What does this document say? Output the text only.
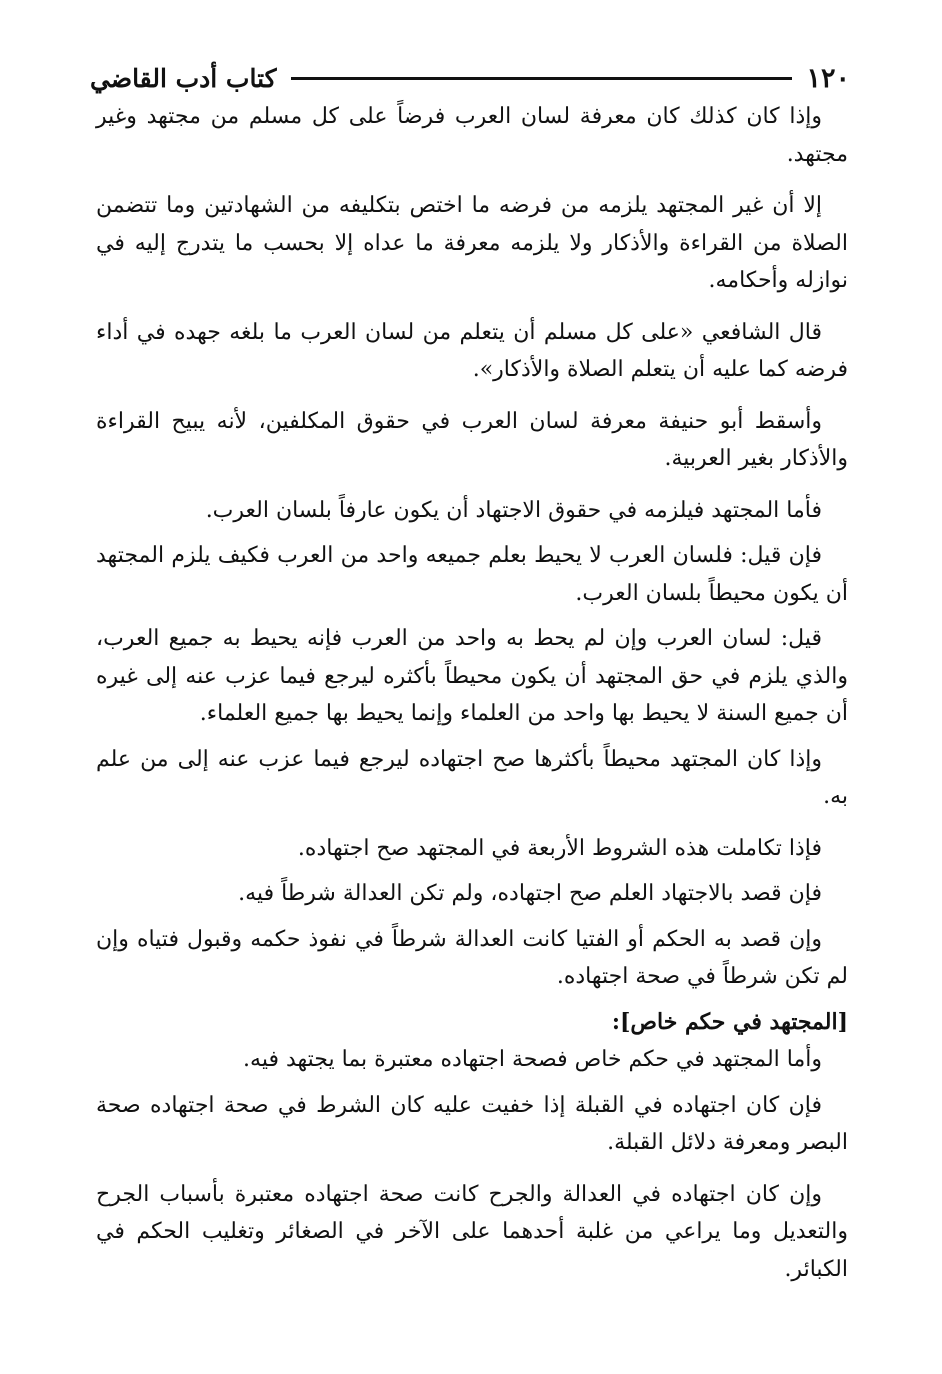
١٢٠
كتاب أدب القاضي

وإذا كان كذلك كان معرفة لسان العرب فرضاً على كل مسلم من مجتهد وغير مجتهد.

إلا أن غير المجتهد يلزمه من فرضه ما اختص بتكليفه من الشهادتين وما تتضمن الصلاة من القراءة والأذكار ولا يلزمه معرفة ما عداه إلا بحسب ما يتدرج إليه في نوازله وأحكامه.

قال الشافعي «على كل مسلم أن يتعلم من لسان العرب ما بلغه جهده في أداء فرضه كما عليه أن يتعلم الصلاة والأذكار».

وأسقط أبو حنيفة معرفة لسان العرب في حقوق المكلفين، لأنه يبيح القراءة والأذكار بغير العربية.

فأما المجتهد فيلزمه في حقوق الاجتهاد أن يكون عارفاً بلسان العرب.

فإن قيل: فلسان العرب لا يحيط بعلم جميعه واحد من العرب فكيف يلزم المجتهد أن يكون محيطاً بلسان العرب.

قيل: لسان العرب وإن لم يحط به واحد من العرب فإنه يحيط به جميع العرب، والذي يلزم في حق المجتهد أن يكون محيطاً بأكثره ليرجع فيما عزب عنه إلى غيره أن جميع السنة لا يحيط بها واحد من العلماء وإنما يحيط بها جميع العلماء.

وإذا كان المجتهد محيطاً بأكثرها صح اجتهاده ليرجع فيما عزب عنه إلى من علم به.

فإذا تكاملت هذه الشروط الأربعة في المجتهد صح اجتهاده.

فإن قصد بالاجتهاد العلم صح اجتهاده، ولم تكن العدالة شرطاً فيه.

وإن قصد به الحكم أو الفتيا كانت العدالة شرطاً في نفوذ حكمه وقبول فتياه وإن لم تكن شرطاً في صحة اجتهاده.

[المجتهد في حكم خاص]:

وأما المجتهد في حكم خاص فصحة اجتهاده معتبرة بما يجتهد فيه.

فإن كان اجتهاده في القبلة إذا خفيت عليه كان الشرط في صحة اجتهاده صحة البصر ومعرفة دلائل القبلة.

وإن كان اجتهاده في العدالة والجرح كانت صحة اجتهاده معتبرة بأسباب الجرح والتعديل وما يراعي من غلبة أحدهما على الآخر في الصغائر وتغليب الحكم في الكبائر.
